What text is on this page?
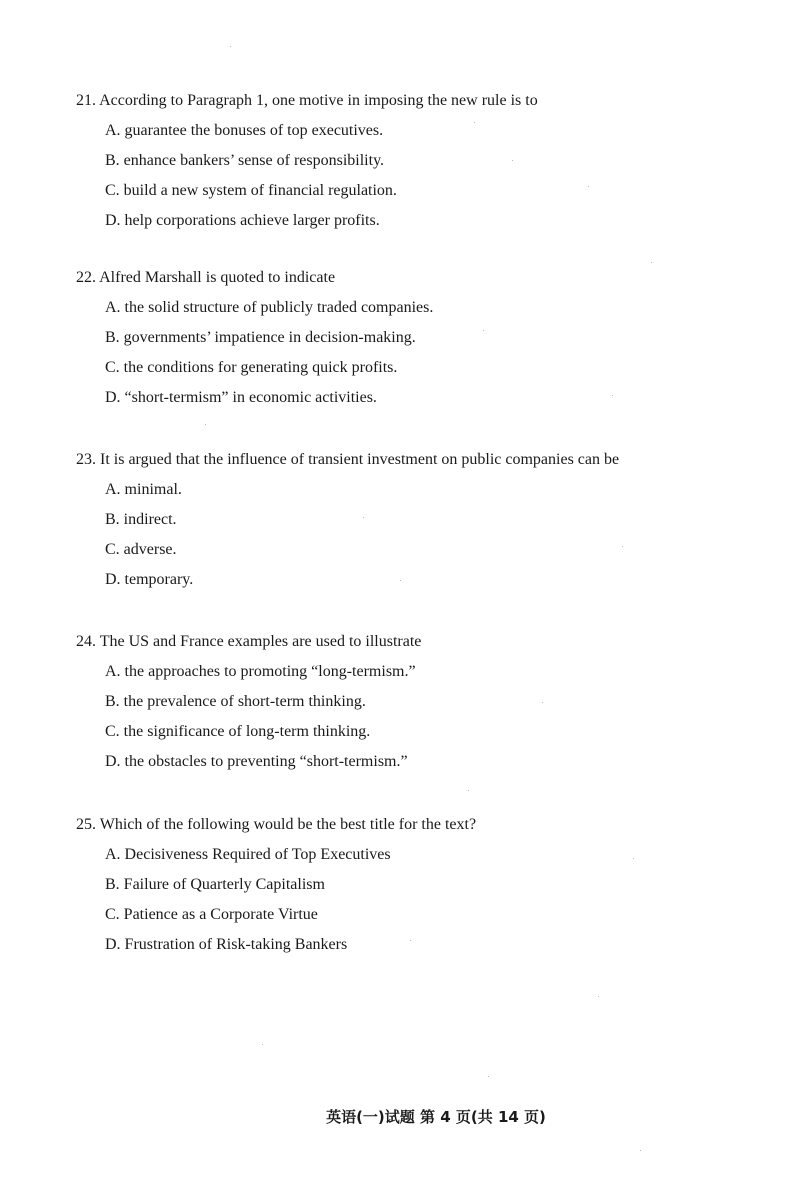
21. According to Paragraph 1, one motive in imposing the new rule is to

A. guarantee the bonuses of top executives.
B. enhance bankers’ sense of responsibility.
C. build a new system of financial regulation.
D. help corporations achieve larger profits.

22. Alfred Marshall is quoted to indicate

A. the solid structure of publicly traded companies.
B. governments’ impatience in decision-making.
C. the conditions for generating quick profits.
D. “short-termism” in economic activities.

23. It is argued that the influence of transient investment on public companies can be

A. minimal.
B. indirect.
C. adverse.
D. temporary.

24. The US and France examples are used to illustrate

A. the approaches to promoting “long-termism.”
B. the prevalence of short-term thinking.
C. the significance of long-term thinking.
D. the obstacles to preventing “short-termism.”

25. Which of the following would be the best title for the text?

A. Decisiveness Required of Top Executives
B. Failure of Quarterly Capitalism
C. Patience as a Corporate Virtue
D. Frustration of Risk-taking Bankers
英语(一)试题 第 4 页(共 14 页)
